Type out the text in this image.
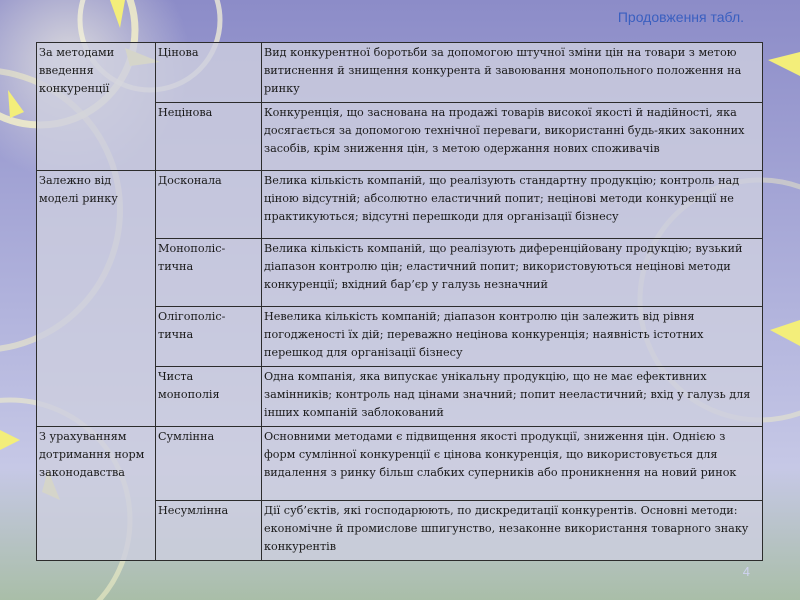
Продовження табл.
За методами введення конкуренції	Цінова	Вид конкурентної боротьби за допомогою штучної зміни цін на товари з метою витиснення й знищення конкурента й завоювання монопольного положення на ринку
	Нецінова	Конкуренція, що заснована на продажі товарів високої якості й надійності, яка досягається за допомогою технічної переваги, використанні будь-яких законних засобів, крім зниження цін, з метою одержання нових споживачів
Залежно від моделі ринку	Досконала	Велика кількість компаній, що реалізують стандартну продукцію; контроль над ціною відсутній; абсолютно еластичний попит; нецінові методи конкуренції не практикуються; відсутні перешкоди для організації бізнесу
	Монополіс-тична	Велика кількість компаній, що реалізують диференційовану продукцію; вузький діапазон контролю цін; еластичний попит; використовуються нецінові методи конкуренції; вхідний бар’єр у галузь незначний
	Олігополіс-тична	Невелика кількість компаній; діапазон контролю цін залежить від рівня погодженості їх дій; переважно нецінова конкуренція; наявність істотних перешкод для організації бізнесу
	Чиста монополія	Одна компанія, яка випускає унікальну продукцію, що не має ефективних замінників; контроль над цінами значний; попит нееластичний; вхід у галузь для інших компаній заблокований
З урахуванням дотримання норм законодавства	Сумлінна	Основними методами є підвищення якості продукції, зниження цін. Однією з форм сумлінної конкуренції є цінова конкуренція, що використовується для видалення з ринку більш слабких суперників або проникнення на новий ринок
	Несумлінна	Дії суб’єктів, які господарюють, по дискредитації конкурентів. Основні методи: економічне й промислове шпигунство, незаконне використання товарного знаку конкурентів
4
